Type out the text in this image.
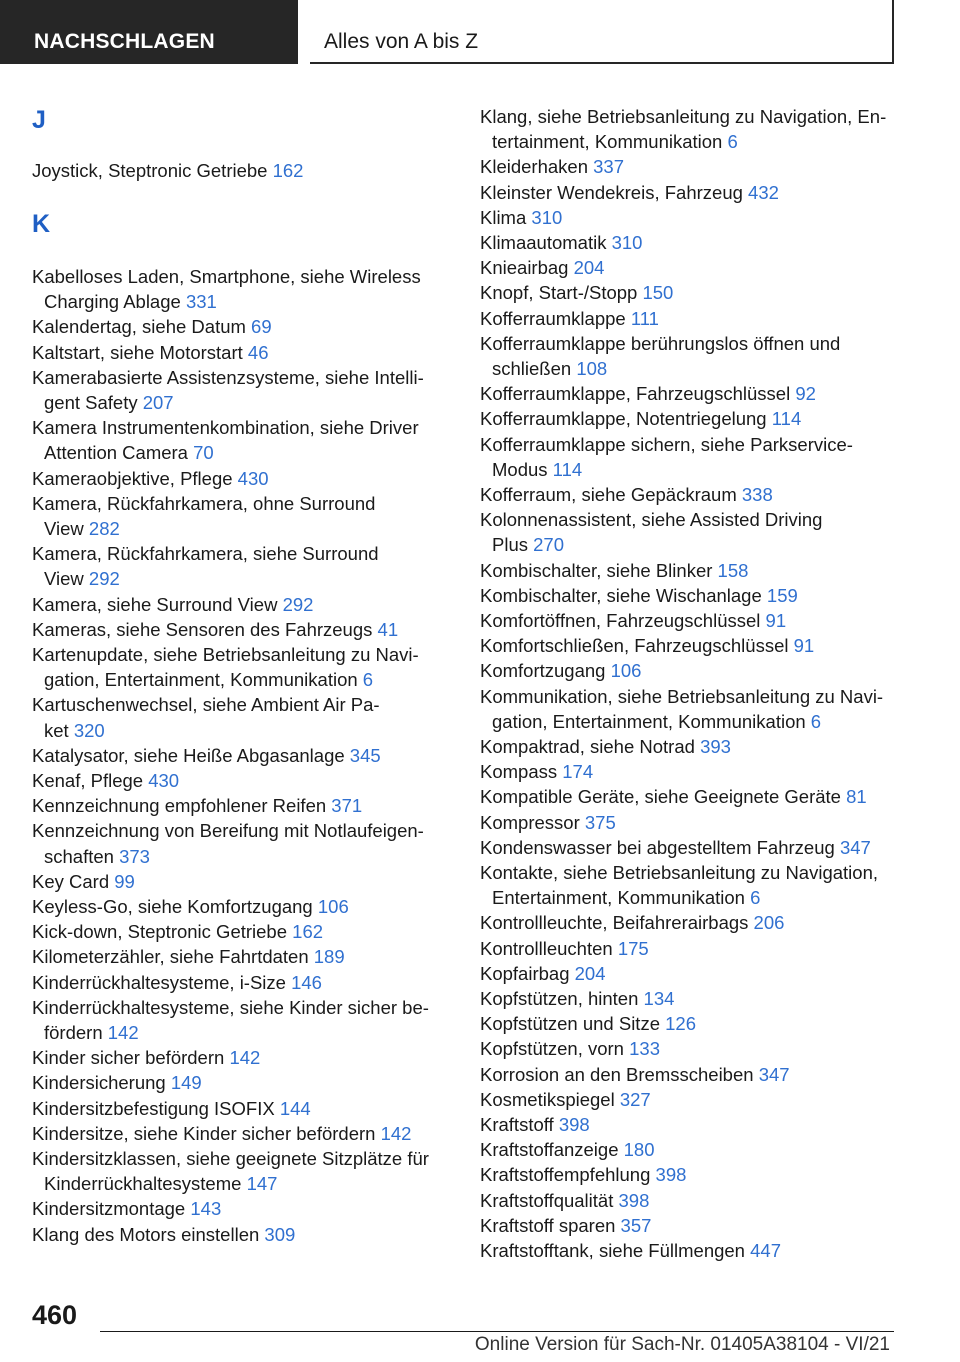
NACHSCHLAGEN	Alles von A bis Z
J
K
Joystick, Steptronic Getriebe 162
Kabelloses Laden, Smartphone, siehe Wireless
Charging Ablage 331
Kalendertag, siehe Datum 69
Kaltstart, siehe Motorstart 46
Kamerabasierte Assistenzsysteme, siehe Intelli-
gent Safety 207
Kamera Instrumentenkombination, siehe Driver
Attention Camera 70
Kameraobjektive, Pflege 430
Kamera, Rückfahrkamera, ohne Surround
View 282
Kamera, Rückfahrkamera, siehe Surround
View 292
Kamera, siehe Surround View 292
Kameras, siehe Sensoren des Fahrzeugs 41
Kartenupdate, siehe Betriebsanleitung zu Navi-
gation, Entertainment, Kommunikation 6
Kartuschenwechsel, siehe Ambient Air Pa-
ket 320
Katalysator, siehe Heiße Abgasanlage 345
Kenaf, Pflege 430
Kennzeichnung empfohlener Reifen 371
Kennzeichnung von Bereifung mit Notlaufeigen-
schaften 373
Key Card 99
Keyless-Go, siehe Komfortzugang 106
Kick-down, Steptronic Getriebe 162
Kilometerzähler, siehe Fahrtdaten 189
Kinderrückhaltesysteme, i-Size 146
Kinderrückhaltesysteme, siehe Kinder sicher be-
fördern 142
Kinder sicher befördern 142
Kindersicherung 149
Kindersitzbefestigung ISOFIX 144
Kindersitze, siehe Kinder sicher befördern 142
Kindersitzklassen, siehe geeignete Sitzplätze für
Kinderrückhaltesysteme 147
Kindersitzmontage 143
Klang des Motors einstellen 309
Klang, siehe Betriebsanleitung zu Navigation, En-
tertainment, Kommunikation 6
Kleiderhaken 337
Kleinster Wendekreis, Fahrzeug 432
Klima 310
Klimaautomatik 310
Knieairbag 204
Knopf, Start-/Stopp 150
Kofferraumklappe 111
Kofferraumklappe berührungslos öffnen und
schließen 108
Kofferraumklappe, Fahrzeugschlüssel 92
Kofferraumklappe, Notentriegelung 114
Kofferraumklappe sichern, siehe Parkservice-
Modus 114
Kofferraum, siehe Gepäckraum 338
Kolonnenassistent, siehe Assisted Driving
Plus 270
Kombischalter, siehe Blinker 158
Kombischalter, siehe Wischanlage 159
Komfortöffnen, Fahrzeugschlüssel 91
Komfortschließen, Fahrzeugschlüssel 91
Komfortzugang 106
Kommunikation, siehe Betriebsanleitung zu Navi-
gation, Entertainment, Kommunikation 6
Kompaktrad, siehe Notrad 393
Kompass 174
Kompatible Geräte, siehe Geeignete Geräte 81
Kompressor 375
Kondenswasser bei abgestelltem Fahrzeug 347
Kontakte, siehe Betriebsanleitung zu Navigation,
Entertainment, Kommunikation 6
Kontrollleuchte, Beifahrerairbags 206
Kontrollleuchten 175
Kopfairbag 204
Kopfstützen, hinten 134
Kopfstützen und Sitze 126
Kopfstützen, vorn 133
Korrosion an den Bremsscheiben 347
Kosmetikspiegel 327
Kraftstoff 398
Kraftstoffanzeige 180
Kraftstoffempfehlung 398
Kraftstoffqualität 398
Kraftstoff sparen 357
Kraftstofftank, siehe Füllmengen 447
460
Online Version für Sach-Nr. 01405A38104 - VI/21
